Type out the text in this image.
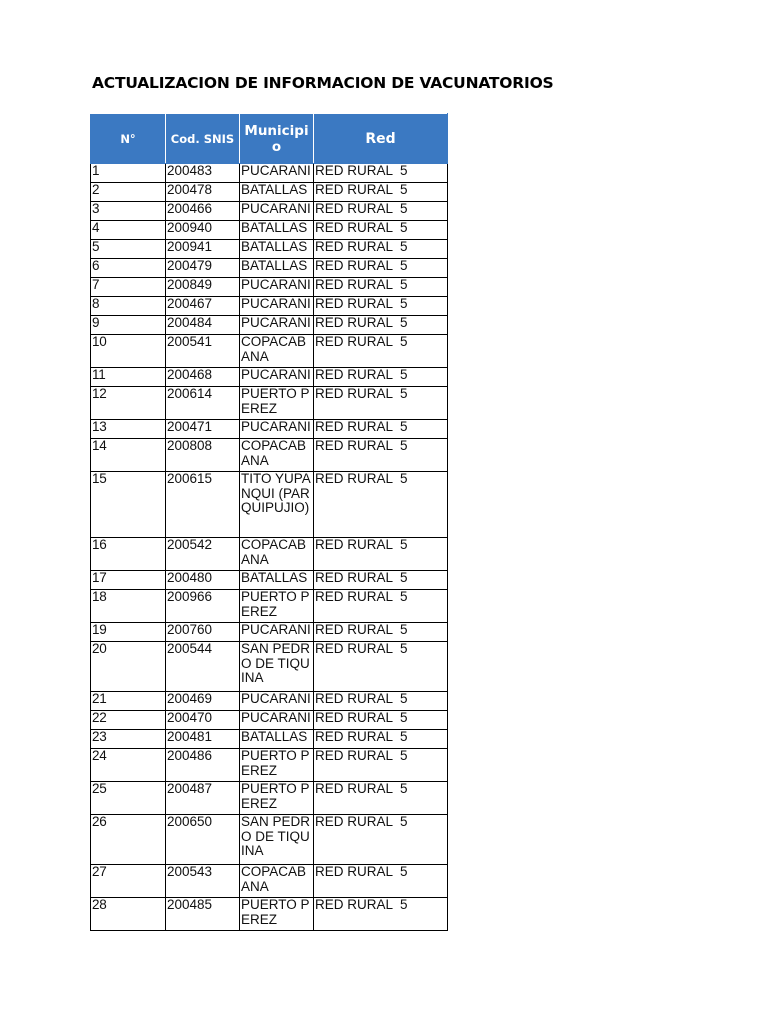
ACTUALIZACION DE INFORMACION DE VACUNATORIOS
N°	Cod. SNIS	Municipio	Red
1	200483	PUCARANI	RED RURAL  5
2	200478	BATALLAS	RED RURAL  5
3	200466	PUCARANI	RED RURAL  5
4	200940	BATALLAS	RED RURAL  5
5	200941	BATALLAS	RED RURAL  5
6	200479	BATALLAS	RED RURAL  5
7	200849	PUCARANI	RED RURAL  5
8	200467	PUCARANI	RED RURAL  5
9	200484	PUCARANI	RED RURAL  5
10	200541	COPACABANA	RED RURAL  5
11	200468	PUCARANI	RED RURAL  5
12	200614	PUERTO PEREZ	RED RURAL  5
13	200471	PUCARANI	RED RURAL  5
14	200808	COPACABANA	RED RURAL  5
15	200615	TITO YUPANQUI (PARQUIPUJIO)	RED RURAL  5
16	200542	COPACABANA	RED RURAL  5
17	200480	BATALLAS	RED RURAL  5
18	200966	PUERTO PEREZ	RED RURAL  5
19	200760	PUCARANI	RED RURAL  5
20	200544	SAN PEDRO DE TIQUINA	RED RURAL  5
21	200469	PUCARANI	RED RURAL  5
22	200470	PUCARANI	RED RURAL  5
23	200481	BATALLAS	RED RURAL  5
24	200486	PUERTO PEREZ	RED RURAL  5
25	200487	PUERTO PEREZ	RED RURAL  5
26	200650	SAN PEDRO DE TIQUINA	RED RURAL  5
27	200543	COPACABANA	RED RURAL  5
28	200485	PUERTO PEREZ	RED RURAL  5
